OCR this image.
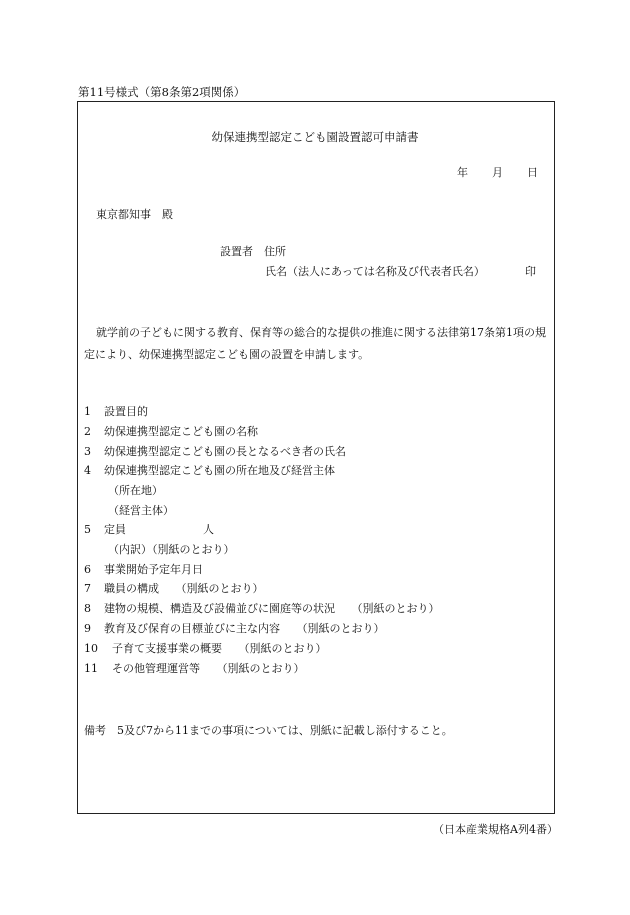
第11号様式（第8条第2項関係）
幼保連携型認定こども園設置認可申請書
年 月 日
東京都知事　殿
設置者　住所
氏名（法人にあっては名称及び代表者氏名）	印
就学前の子どもに関する教育、保育等の総合的な提供の推進に関する法律第17条第1項の規定により、幼保連携型認定こども園の設置を申請します。
1 設置目的
2 幼保連携型認定こども園の名称
3 幼保連携型認定こども園の長となるべき者の氏名
4 幼保連携型認定こども園の所在地及び経営主体
（所在地）
（経営主体）
5 定員　　　　　　　人
（内訳）（別紙のとおり）
6 事業開始予定年月日
7 職員の構成　　（別紙のとおり）
8 建物の規模、構造及び設備並びに園庭等の状況　　（別紙のとおり）
9 教育及び保育の目標並びに主な内容　　（別紙のとおり）
10 子育て支援事業の概要　　（別紙のとおり）
11 その他管理運営等　　（別紙のとおり）
備考　5及び7から11までの事項については、別紙に記載し添付すること。
（日本産業規格A列4番）
